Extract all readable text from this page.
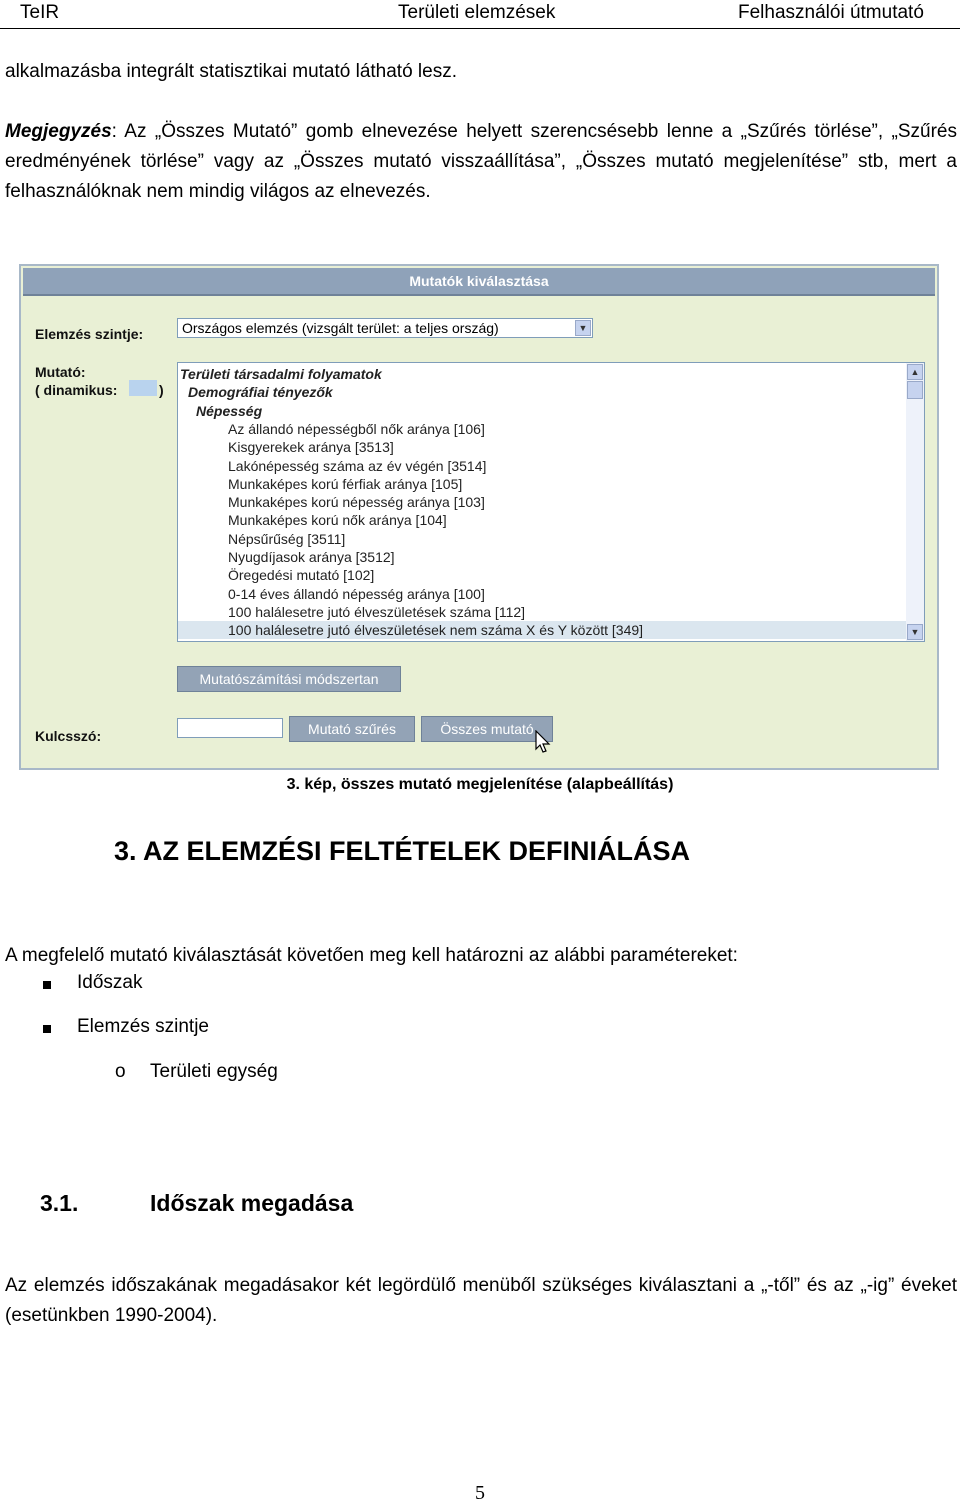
TeIR	Területi elemzések	Felhasználói útmutató

alkalmazásba integrált statisztikai mutató látható lesz.

Megjegyzés: Az „Összes Mutató” gomb elnevezése helyett szerencsésebb lenne a „Szűrés törlése”, „Szűrés eredményének törlése” vagy az „Összes mutató visszaállítása”, „Összes mutató megjelenítése” stb, mert a felhasználóknak nem mindig világos az elnevezés.

Mutatók kiválasztása
Elemzés szintje:	Országos elemzés (vizsgált terület: a teljes ország)	▼
Mutató:
( dinamikus:	)
Területi társadalmi folyamatok
Demográfiai tényezők
Népesség
Az állandó népességből nők aránya [106]
Kisgyerekek aránya [3513]
Lakónépesség száma az év végén [3514]
Munkaképes korú férfiak aránya [105]
Munkaképes korú népesség aránya [103]
Munkaképes korú nők aránya [104]
Népsűrűség [3511]
Nyugdíjasok aránya [3512]
Öregedési mutató [102]
0-14 éves állandó népesség aránya [100]
100 halálesetre jutó élveszületések száma [112]
100 halálesetre jutó élveszületések nem száma X és Y között [349]
▲
▼
Mutatószámítási módszertan
Kulcsszó:	Mutató szűrés	Összes mutató
3. kép, összes mutató megjelenítése (alapbeállítás)
3. AZ ELEMZÉSI FELTÉTELEK DEFINIÁLÁSA

A megfelelő mutató kiválasztását követően meg kell határozni az alábbi paramétereket:

Időszak
Elemzés szintje
o Területi egység
3.1.	Időszak megadása

Az elemzés időszakának megadásakor két legördülő menüből szükséges kiválasztani a „-től” és az „-ig” éveket (esetünkben 1990-2004).

5
